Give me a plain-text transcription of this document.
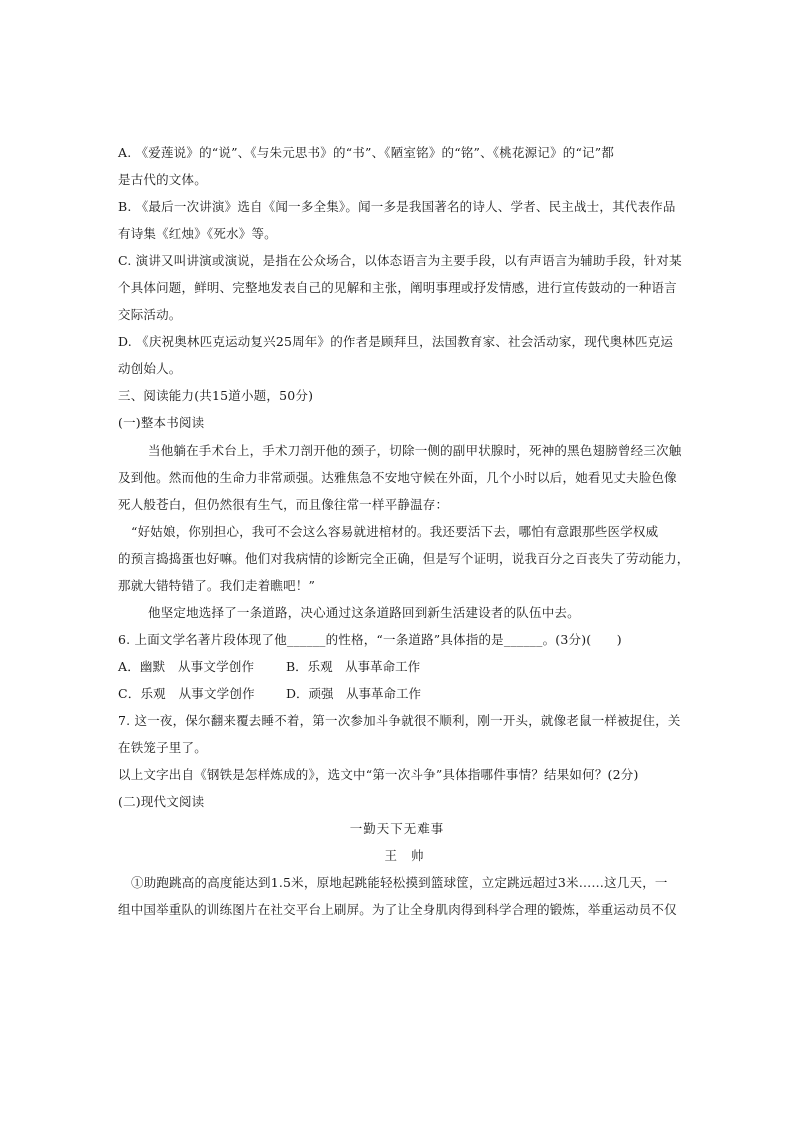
A. 《爱莲说》的“说”、《与朱元思书》的“书”、《陋室铭》的“铭”、《桃花源记》的“记”都
是古代的文体。
B. 《最后一次讲演》选自《闻一多全集》。闻一多是我国著名的诗人、学者、民主战士，其代表作品
有诗集《红烛》《死水》等。
C. 演讲又叫讲演或演说，是指在公众场合，以体态语言为主要手段，以有声语言为辅助手段，针对某
个具体问题，鲜明、完整地发表自己的见解和主张，阐明事理或抒发情感，进行宣传鼓动的一种语言
交际活动。
D. 《庆祝奥林匹克运动复兴25周年》的作者是顾拜旦，法国教育家、社会活动家，现代奥林匹克运
动创始人。
三、阅读能力(共15道小题，50分)
(一)整本书阅读
当他躺在手术台上，手术刀剖开他的颈子，切除一侧的副甲状腺时，死神的黑色翅膀曾经三次触
及到他。然而他的生命力非常顽强。达雅焦急不安地守候在外面，几个小时以后，她看见丈夫脸色像
死人般苍白，但仍然很有生气，而且像往常一样平静温存：
“好姑娘，你别担心，我可不会这么容易就进棺材的。我还要活下去，哪怕有意跟那些医学权威
的预言捣捣蛋也好嘛。他们对我病情的诊断完全正确，但是写个证明，说我百分之百丧失了劳动能力，
那就大错特错了。我们走着瞧吧！”
他坚定地选择了一条道路，决心通过这条道路回到新生活建设者的队伍中去。
6. 上面文学名著片段体现了他______的性格，“一条道路”具体指的是______。(3分)(　　)
A．幽默　从事文学创作	B．乐观　从事革命工作
C．乐观　从事文学创作 D．顽强　从事革命工作
7. 这一夜，保尔翻来覆去睡不着，第一次参加斗争就很不顺利，刚一开头，就像老鼠一样被捉住，关
在铁笼子里了。
以上文字出自《钢铁是怎样炼成的》，选文中“第一次斗争”具体指哪件事情？结果如何？(2分)
(二)现代文阅读
一勤天下无难事
王帅
①助跑跳高的高度能达到1.5米，原地起跳能轻松摸到篮球筐，立定跳远超过3米……这几天，一
组中国举重队的训练图片在社交平台上刷屏。为了让全身肌肉得到科学合理的锻炼，举重运动员不仅
